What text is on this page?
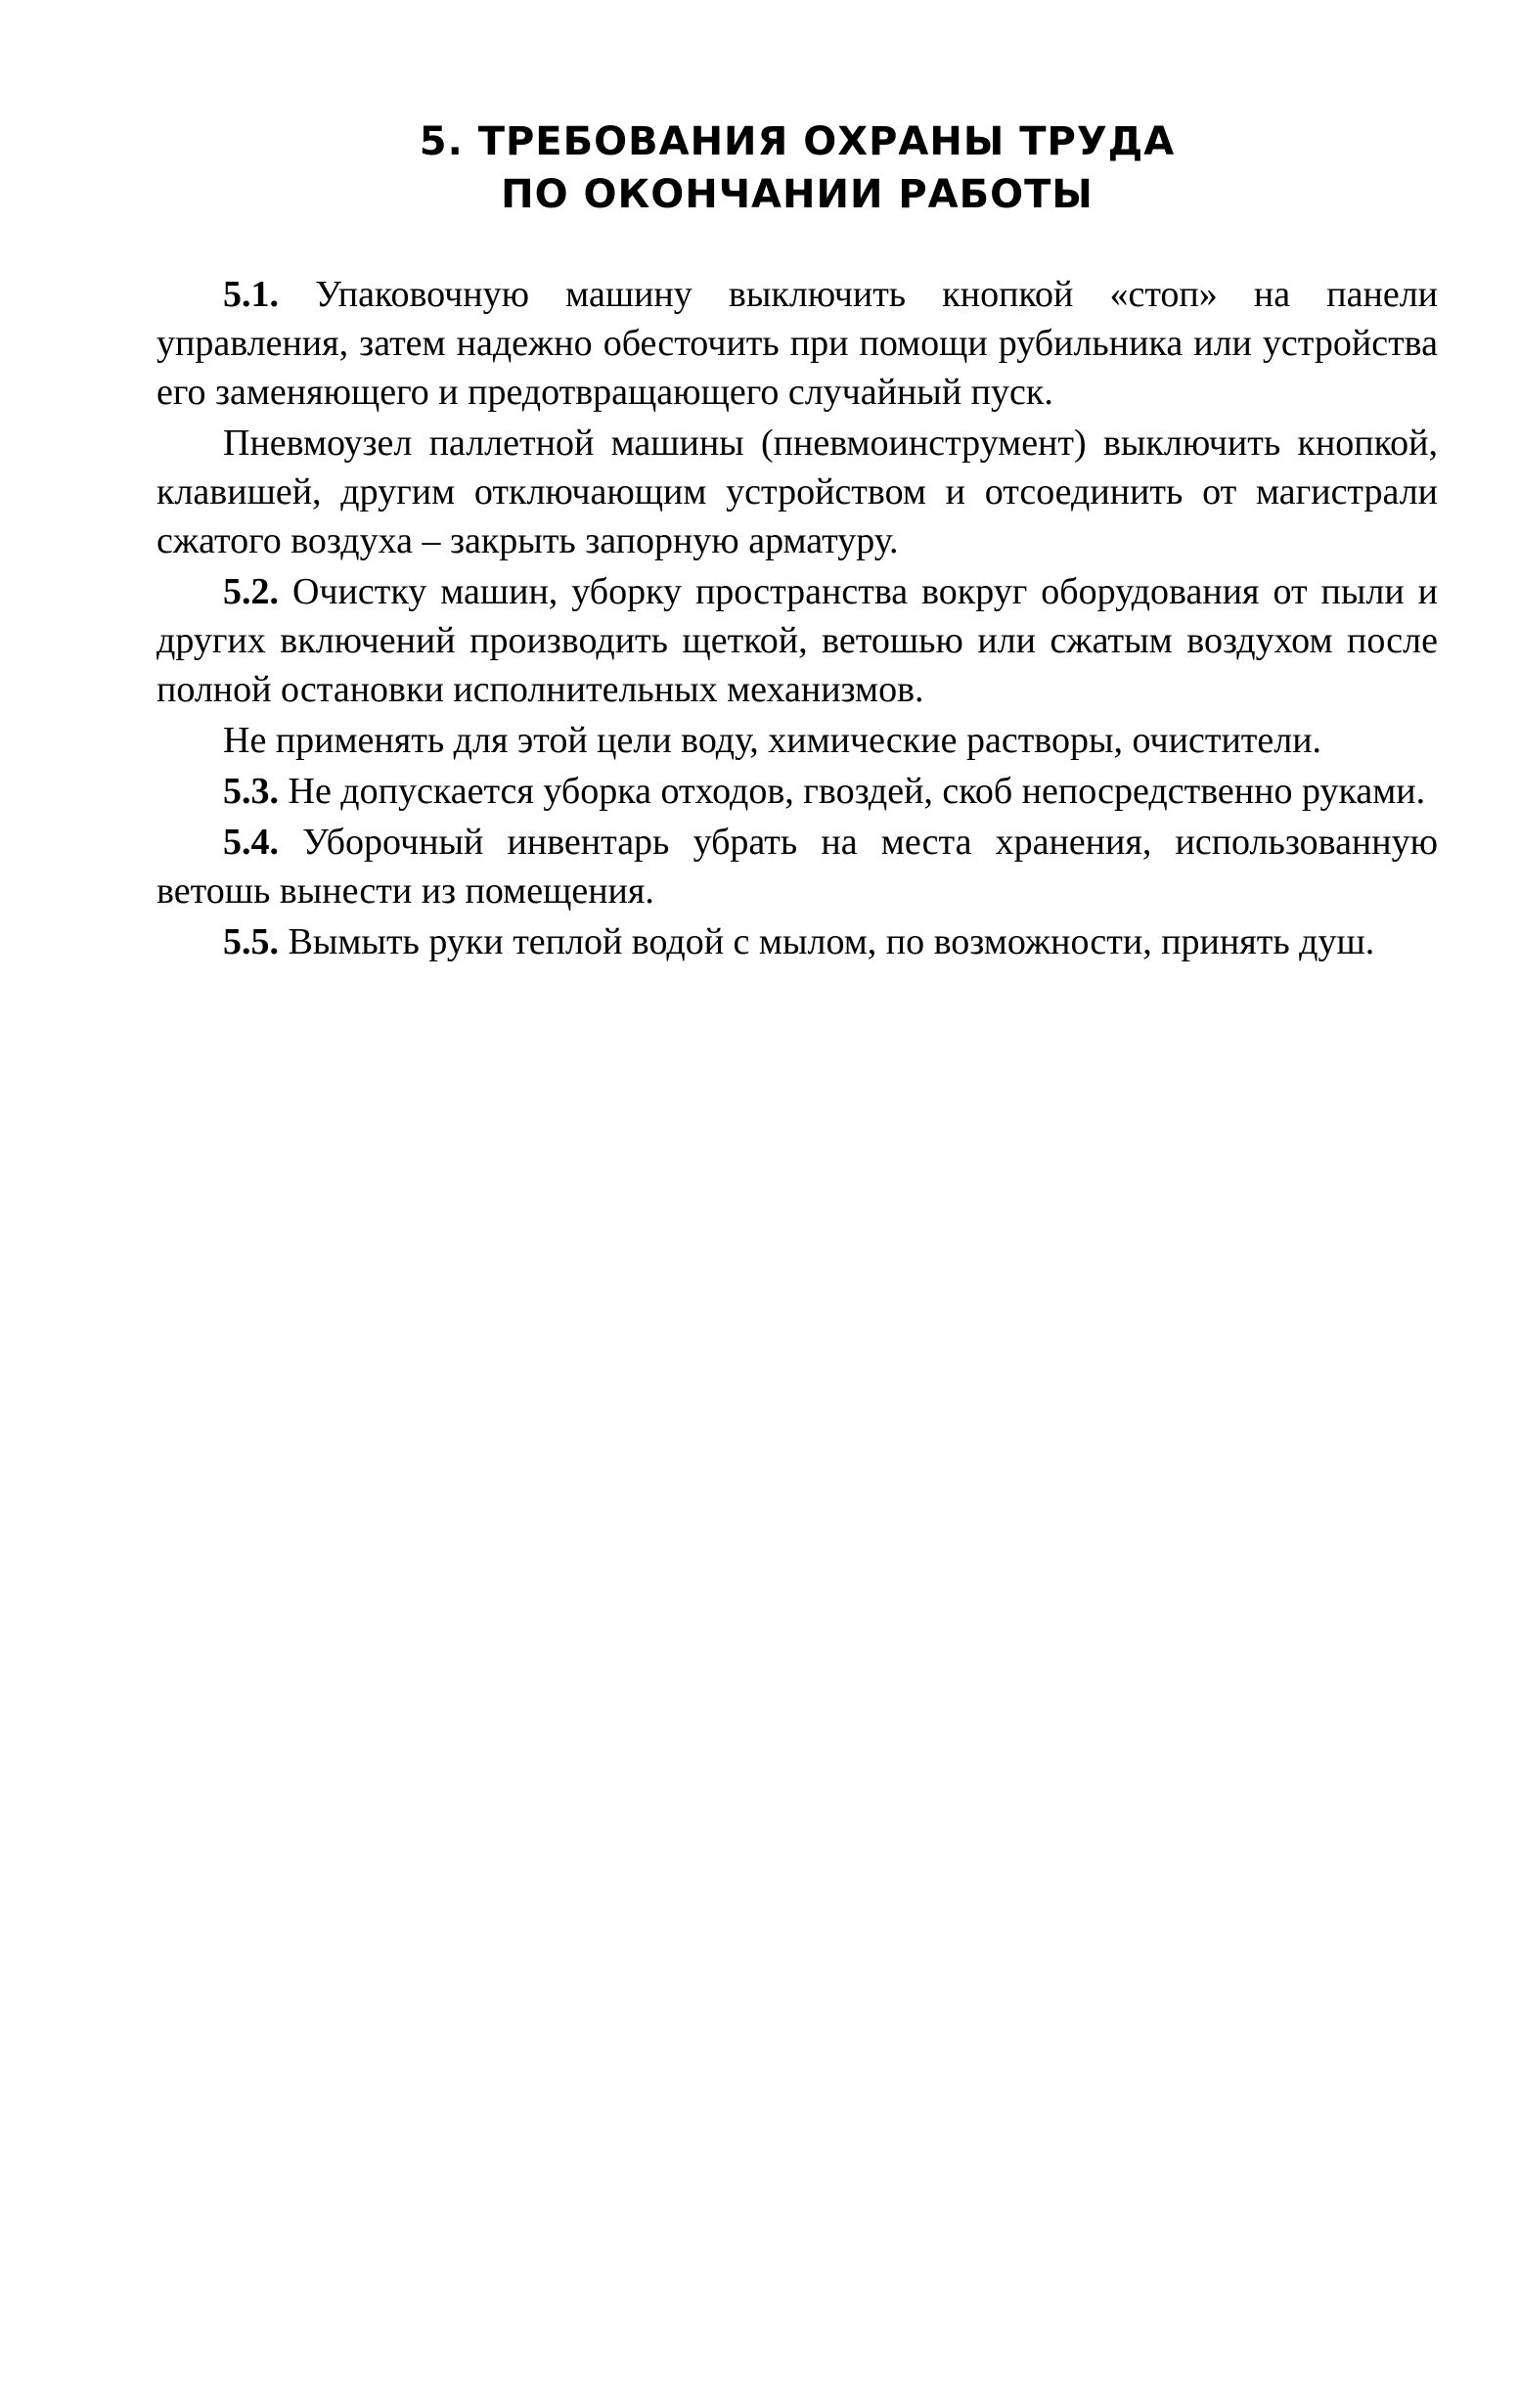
5. ТРЕБОВАНИЯ ОХРАНЫ ТРУДА
ПО ОКОНЧАНИИ РАБОТЫ

5.1. Упаковочную машину выключить кнопкой «стоп» на панели управления, затем надежно обесточить при помощи рубильника или устройства его заменяющего и предотвращающего случайный пуск.

Пневмоузел паллетной машины (пневмоинструмент) выключить кнопкой, клавишей, другим отключающим устройством и отсоединить от магистрали сжатого воздуха – закрыть запорную арматуру.

5.2. Очистку машин, уборку пространства вокруг оборудования от пыли и других включений производить щеткой, ветошью или сжатым воздухом после полной остановки исполнительных механизмов.

Не применять для этой цели воду, химические растворы, очистители.

5.3. Не допускается уборка отходов, гвоздей, скоб непосредственно руками.

5.4. Уборочный инвентарь убрать на места хранения, использованную ветошь вынести из помещения.

5.5. Вымыть руки теплой водой с мылом, по возможности, принять душ.
